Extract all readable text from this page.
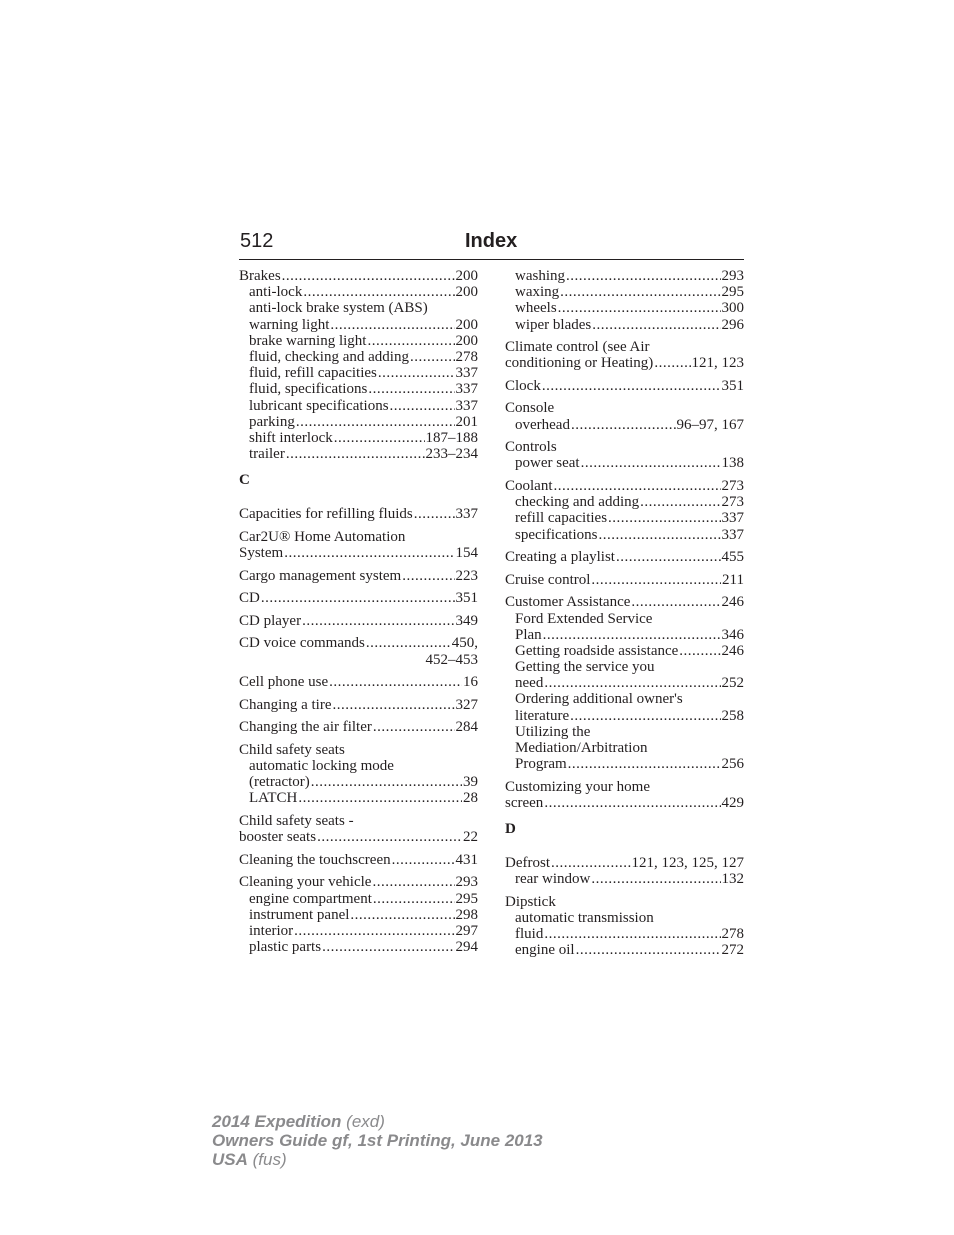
512	Index
Brakes .....	200
anti-lock .....	200
anti-lock brake system (ABS)
warning light .....	200
brake warning light .....	200
fluid, checking and adding .....	278
fluid, refill capacities .....	337
fluid, specifications .....	337
lubricant specifications .....	337
parking .....	201
shift interlock .....	187–188
trailer .....	233–234
C
Capacities for refilling fluids .....	337
Car2U® Home Automation
System .....	154
Cargo management system .....	223
CD .....	351
CD player .....	349
CD voice commands .....	450,
452–453
Cell phone use .....	16
Changing a tire .....	327
Changing the air filter .....	284
Child safety seats
automatic locking mode
(retractor) .....	39
LATCH .....	28
Child safety seats -
booster seats .....	22
Cleaning the touchscreen .....	431
Cleaning your vehicle .....	293
engine compartment .....	295
instrument panel .....	298
interior .....	297
plastic parts .....	294
washing .....	293
waxing .....	295
wheels .....	300
wiper blades .....	296
Climate control (see Air
conditioning or Heating) .....	121, 123
Clock .....	351
Console
overhead .....	96–97, 167
Controls
power seat .....	138
Coolant .....	273
checking and adding .....	273
refill capacities .....	337
specifications .....	337
Creating a playlist .....	455
Cruise control .....	211
Customer Assistance .....	246
Ford Extended Service
Plan .....	346
Getting roadside assistance .....	246
Getting the service you
need .....	252
Ordering additional owner's
literature .....	258
Utilizing the
Mediation/Arbitration
Program .....	256
Customizing your home
screen .....	429
D
Defrost .....	121, 123, 125, 127
rear window .....	132
Dipstick
automatic transmission
fluid .....	278
engine oil .....	272
2014 Expedition (exd)
Owners Guide gf, 1st Printing, June 2013
USA (fus)
